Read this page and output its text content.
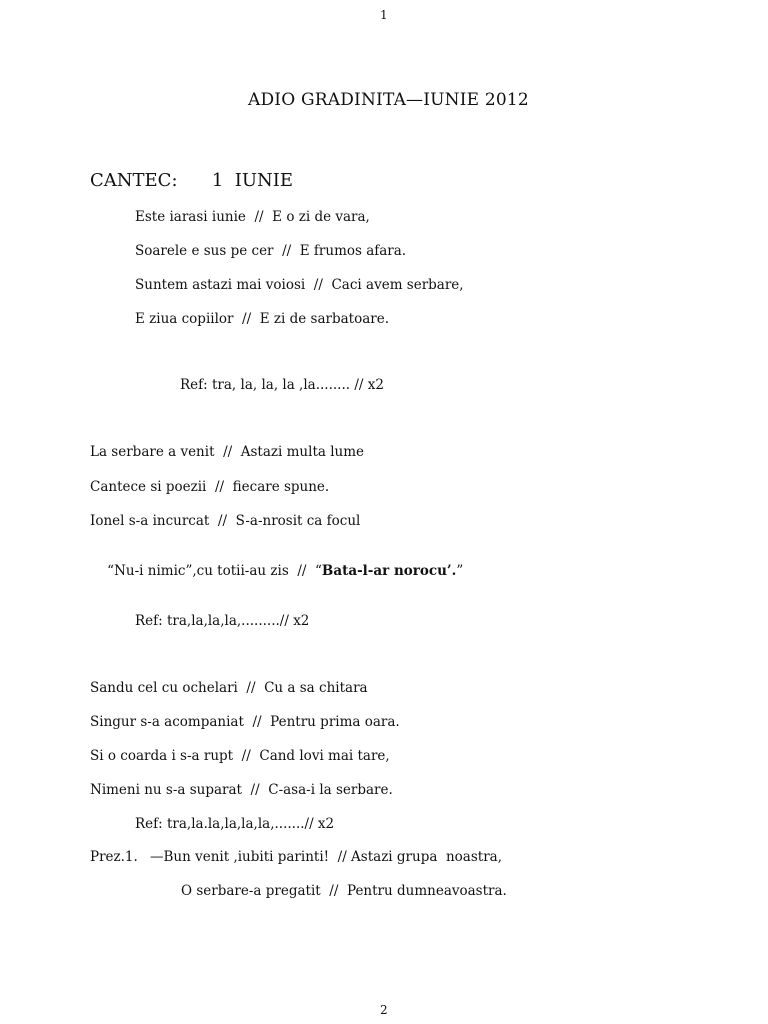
1
ADIO GRADINITA—IUNIE 2012
CANTEC:      1  IUNIE
Este iarasi iunie  //  E o zi de vara,
Soarele e sus pe cer  //  E frumos afara.
Suntem astazi mai voiosi  //  Caci avem serbare,
E ziua copiilor  //  E zi de sarbatoare.
Ref: tra, la, la, la ,la........ // x2
La serbare a venit  //  Astazi multa lume
Cantece si poezii  //  fiecare spune.
Ionel s-a incurcat  //  S-a-nrosit ca focul

“Nu-i nimic”,cu totii-au zis  //  “Bata-l-ar norocu’.”

Ref: tra,la,la,la,.........// x2
Sandu cel cu ochelari  //  Cu a sa chitara
Singur s-a acompaniat  //  Pentru prima oara.
Si o coarda i s-a rupt  //  Cand lovi mai tare,
Nimeni nu s-a suparat  //  C-asa-i la serbare.
Ref: tra,la.la,la,la,la,.......// x2
Prez.1. —Bun venit ,iubiti parinti!  // Astazi grupa  noastra,
O serbare-a pregatit  //  Pentru dumneavoastra.
2
